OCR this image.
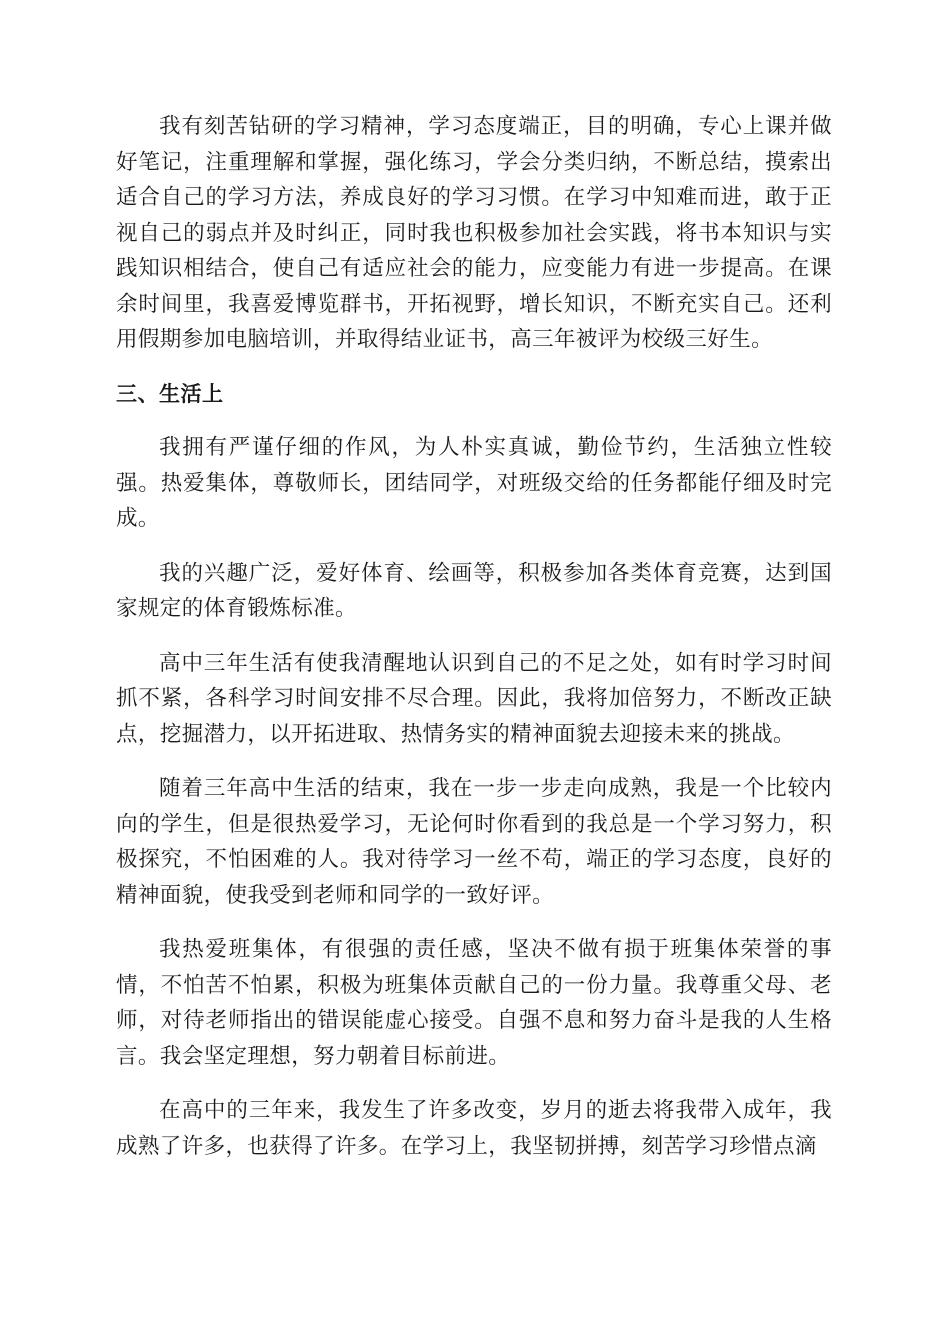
我有刻苦钻研的学习精神，学习态度端正，目的明确，专心上课并做好笔记，注重理解和掌握，强化练习，学会分类归纳，不断总结，摸索出适合自己的学习方法，养成良好的学习习惯。在学习中知难而进，敢于正视自己的弱点并及时纠正，同时我也积极参加社会实践，将书本知识与实践知识相结合，使自己有适应社会的能力，应变能力有进一步提高。在课余时间里，我喜爱博览群书，开拓视野，增长知识，不断充实自己。还利用假期参加电脑培训，并取得结业证书，高三年被评为校级三好生。

三、生活上

我拥有严谨仔细的作风，为人朴实真诚，勤俭节约，生活独立性较强。热爱集体，尊敬师长，团结同学，对班级交给的任务都能仔细及时完成。

我的兴趣广泛，爱好体育、绘画等，积极参加各类体育竞赛，达到国家规定的体育锻炼标准。

高中三年生活有使我清醒地认识到自己的不足之处，如有时学习时间抓不紧，各科学习时间安排不尽合理。因此，我将加倍努力，不断改正缺点，挖掘潜力，以开拓进取、热情务实的精神面貌去迎接未来的挑战。

随着三年高中生活的结束，我在一步一步走向成熟，我是一个比较内向的学生，但是很热爱学习，无论何时你看到的我总是一个学习努力，积极探究，不怕困难的人。我对待学习一丝不苟，端正的学习态度，良好的精神面貌，使我受到老师和同学的一致好评。

我热爱班集体，有很强的责任感，坚决不做有损于班集体荣誉的事情，不怕苦不怕累，积极为班集体贡献自己的一份力量。我尊重父母、老师，对待老师指出的错误能虚心接受。自强不息和努力奋斗是我的人生格言。我会坚定理想，努力朝着目标前进。

在高中的三年来，我发生了许多改变，岁月的逝去将我带入成年，我成熟了许多，也获得了许多。在学习上，我坚韧拼搏，刻苦学习珍惜点滴
